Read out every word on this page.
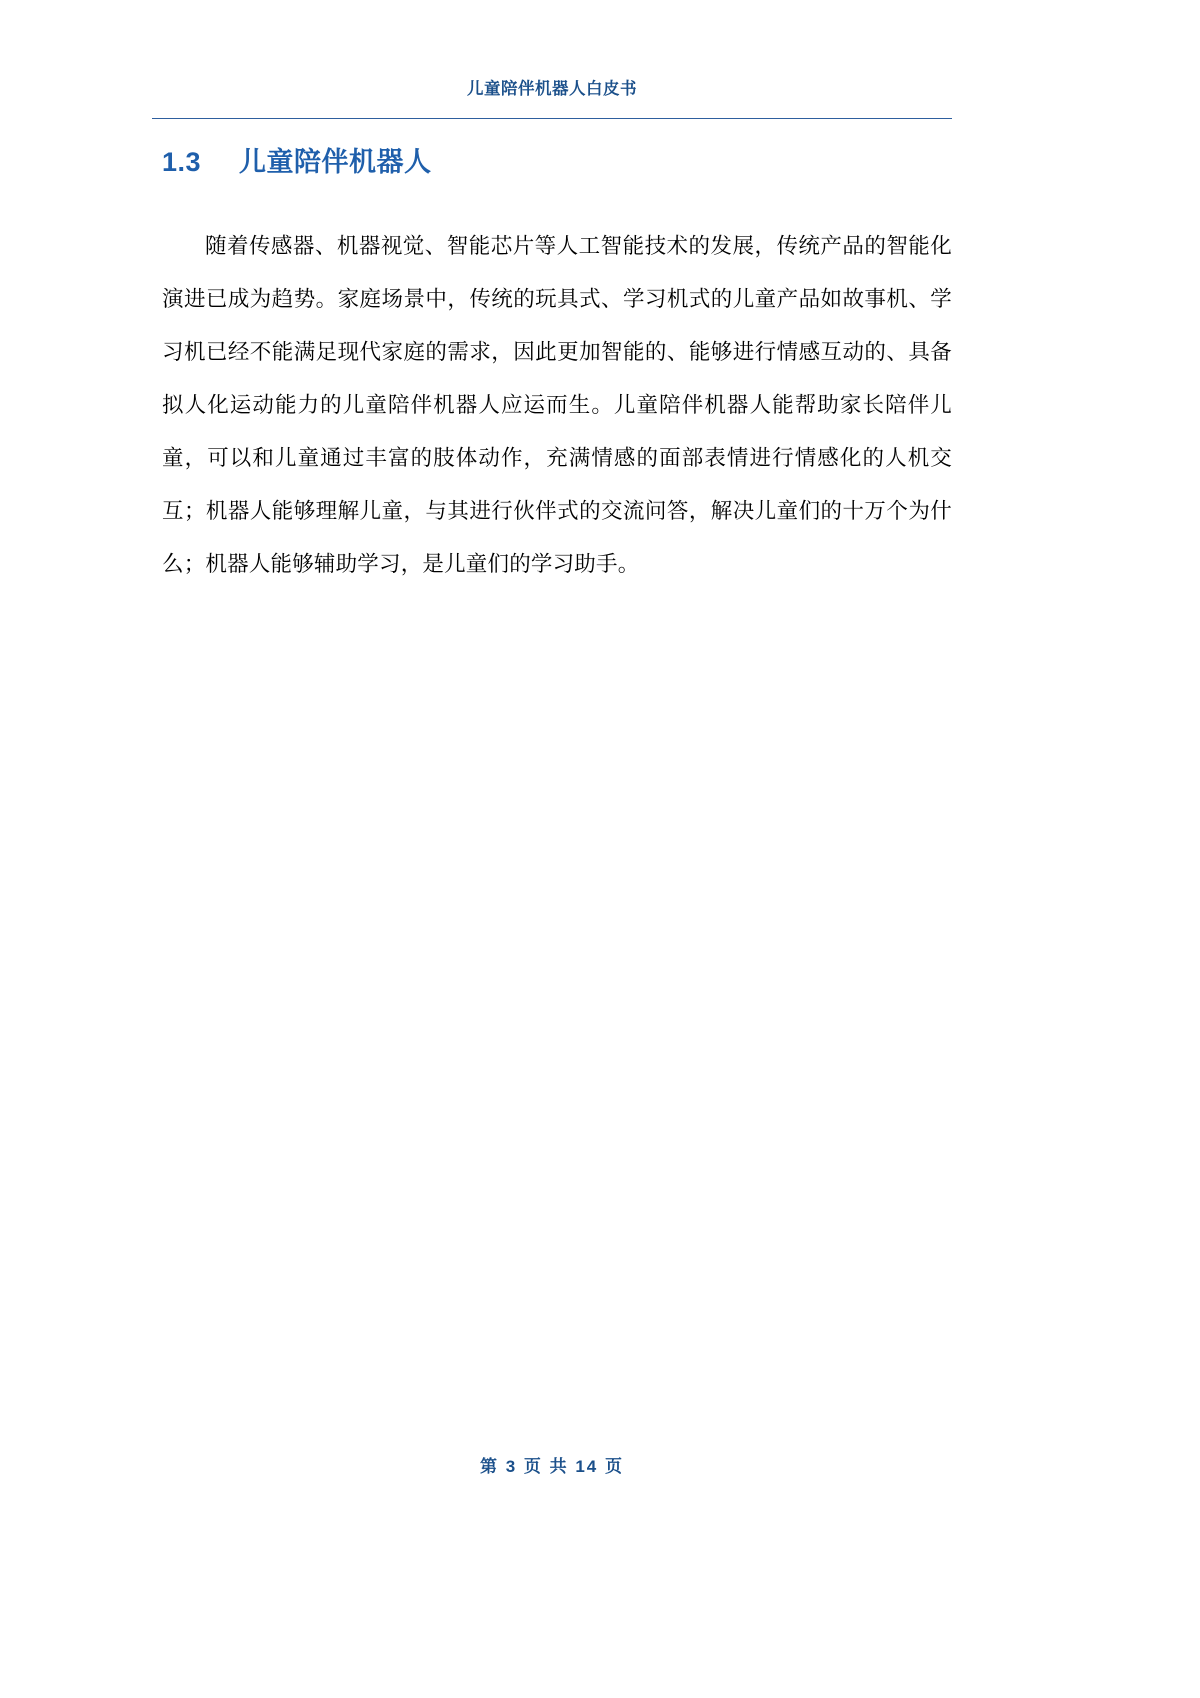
儿童陪伴机器人白皮书
1.3 儿童陪伴机器人

随着传感器、机器视觉、智能芯片等人工智能技术的发展，传统产品的智能化演进已成为趋势。家庭场景中，传统的玩具式、学习机式的儿童产品如故事机、学习机已经不能满足现代家庭的需求，因此更加智能的、能够进行情感互动的、具备拟人化运动能力的儿童陪伴机器人应运而生。儿童陪伴机器人能帮助家长陪伴儿童，可以和儿童通过丰富的肢体动作，充满情感的面部表情进行情感化的人机交互；机器人能够理解儿童，与其进行伙伴式的交流问答，解决儿童们的十万个为什么；机器人能够辅助学习，是儿童们的学习助手。

第 3 页 共 14 页
